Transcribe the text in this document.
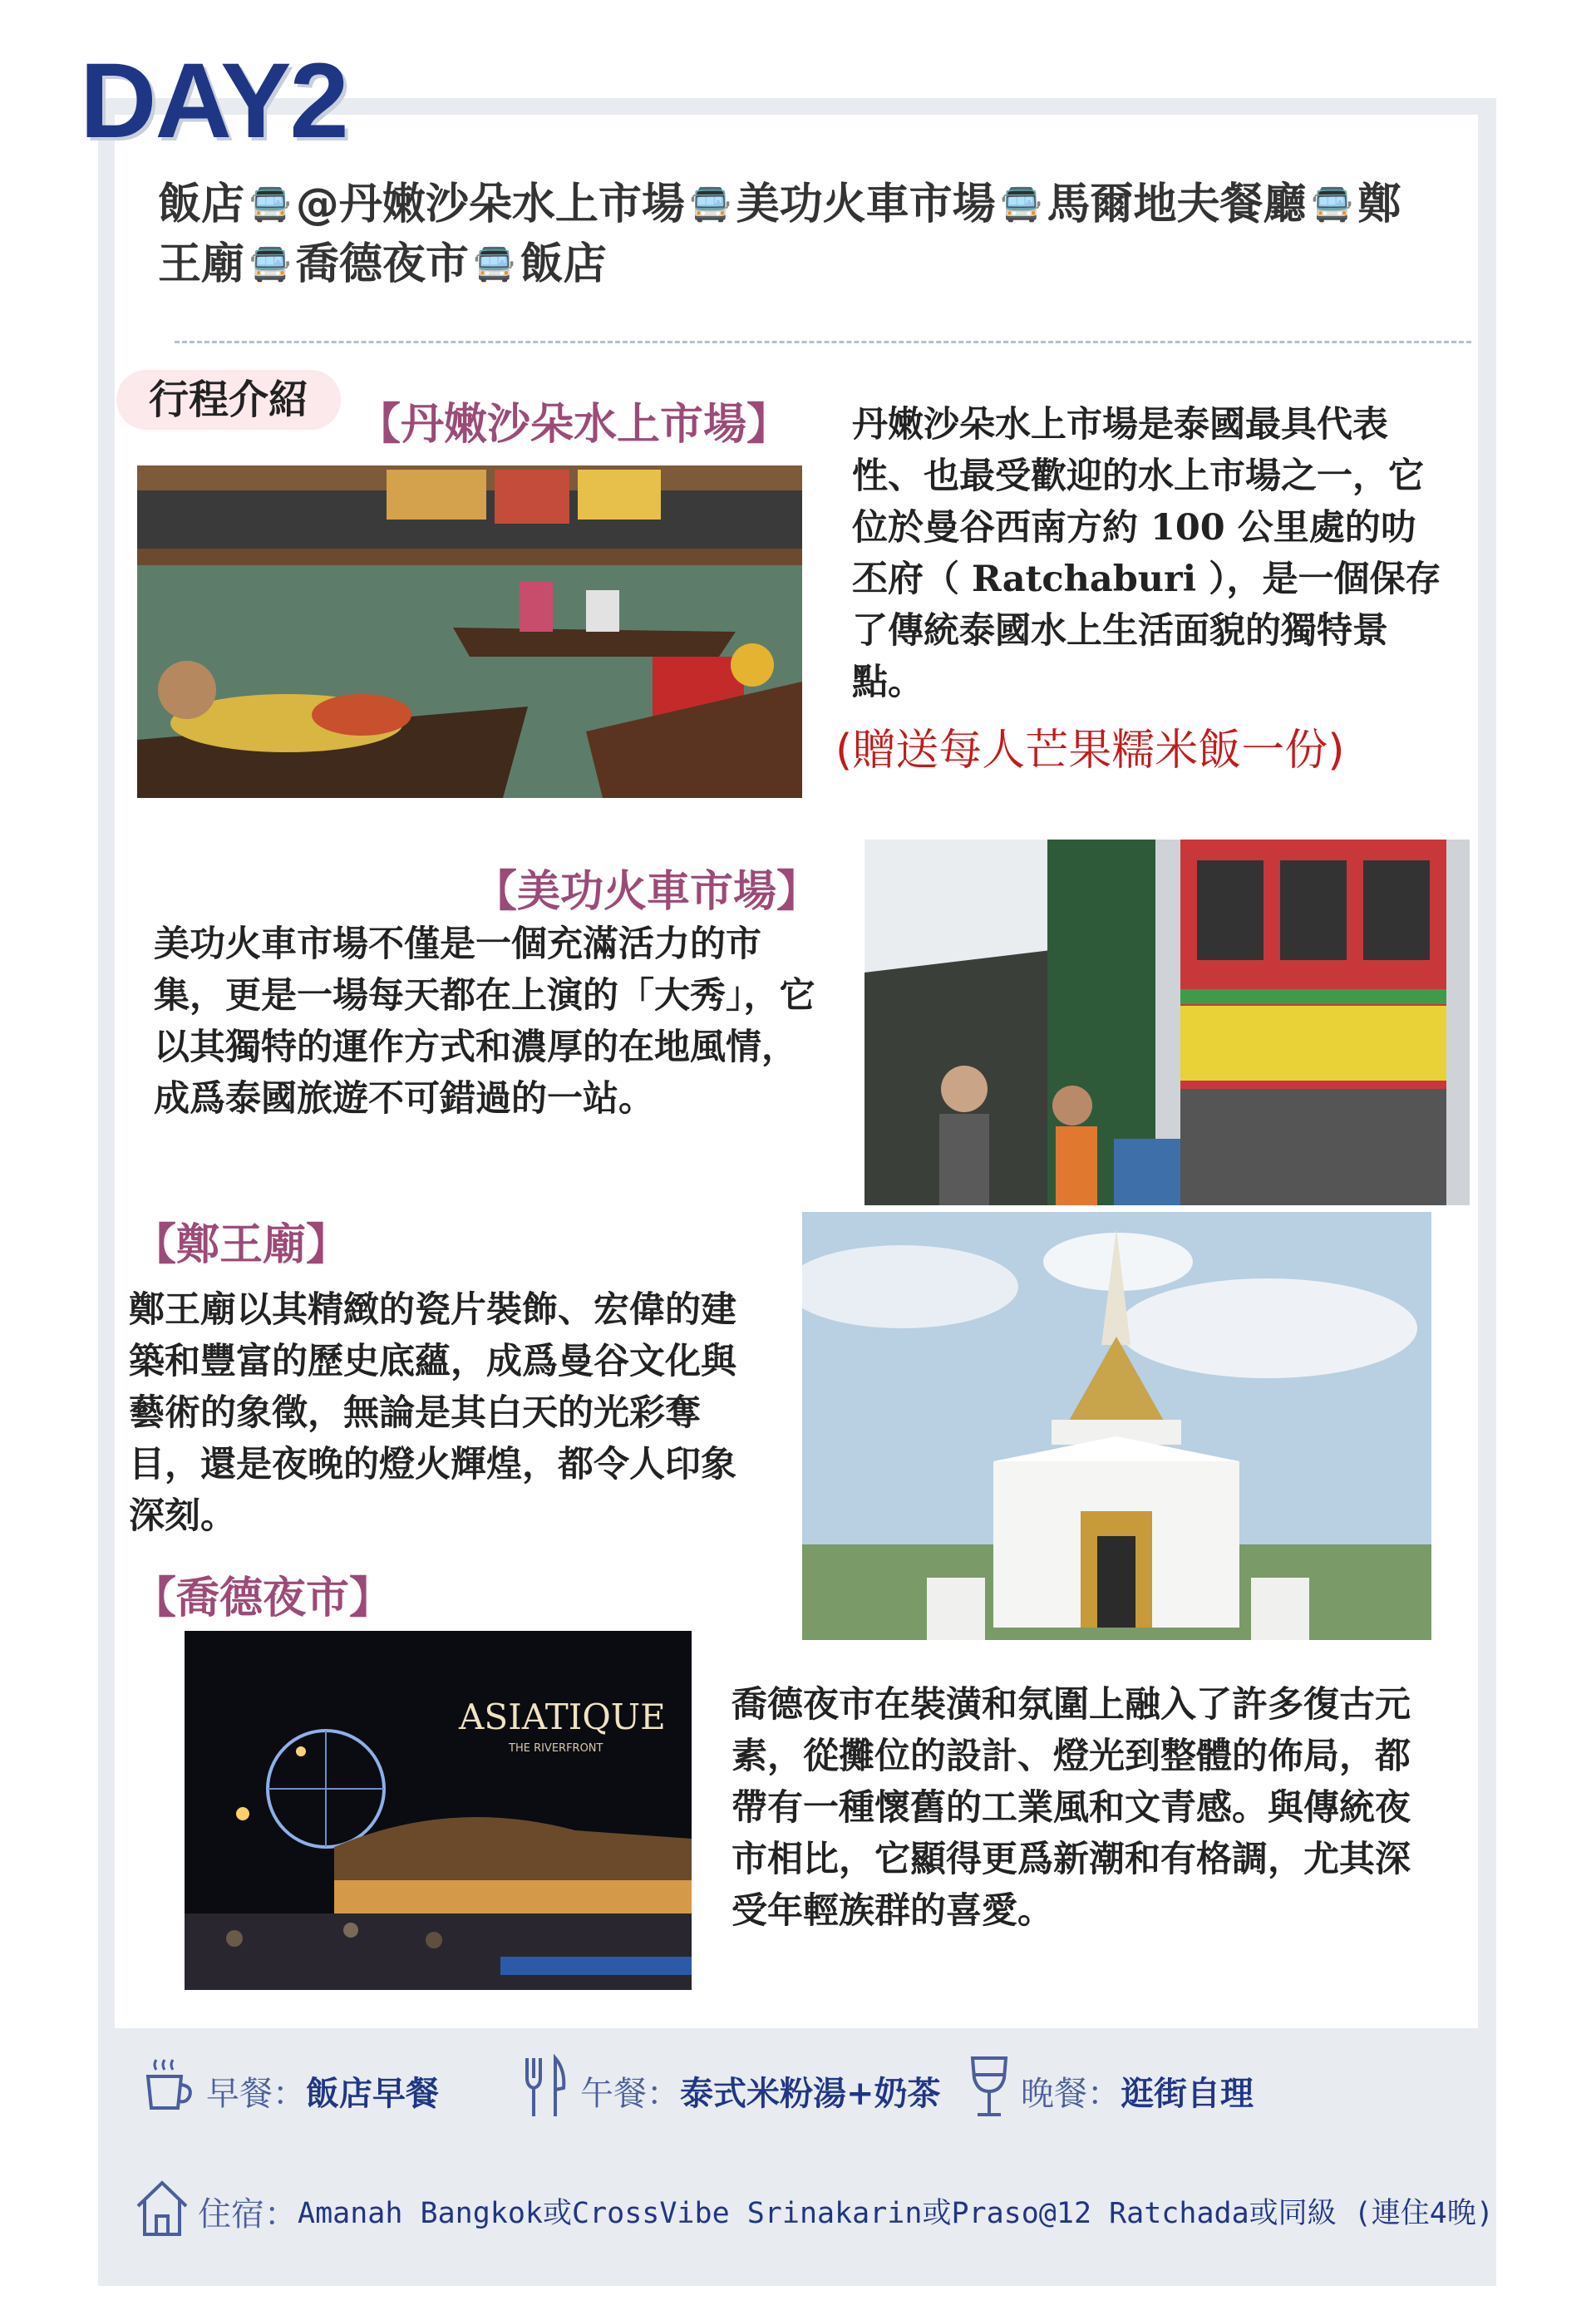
DAY2
飯店 🚍 @丹嫩沙朵水上市場 🚍 美功火車市場 🚍 馬爾地夫餐廳 🚍 鄭王廟 🚍 喬德夜市 🚍 飯店
行程介紹	【丹嫩沙朵水上市場】 丹嫩沙朵水上市場是泰國最具代表性、也最受歡迎的水上市場之一，它位於曼谷西南方約 100 公里處的叻丕府（ Ratchaburi ），是一個保存了傳統泰國水上生活面貌的獨特景點。
(贈送每人芒果糯米飯一份)
【美功火車市場】
美功火車市場不僅是一個充滿活力的市集，更是一場每天都在上演的「大秀」，它以其獨特的運作方式和濃厚的在地風情，成爲泰國旅遊不可錯過的一站。
【鄭王廟】
鄭王廟以其精緻的瓷片裝飾、宏偉的建築和豐富的歷史底蘊，成爲曼谷文化與藝術的象徵，無論是其白天的光彩奪目，還是夜晚的燈火輝煌，都令人印象深刻。
【喬德夜市】
ASIATIQUE
THE RIVERFRONT
喬德夜市在裝潢和氛圍上融入了許多復古元素，從攤位的設計、燈光到整體的佈局，都帶有一種懷舊的工業風和文青感。與傳統夜市相比，它顯得更爲新潮和有格調，尤其深受年輕族群的喜愛。
早餐： 飯店早餐	午餐： 泰式米粉湯+奶茶 晚餐： 逛街自理
住宿： Amanah Bangkok或CrossVibe Srinakarin或Praso@12 Ratchada或同級 (連住4晚)
